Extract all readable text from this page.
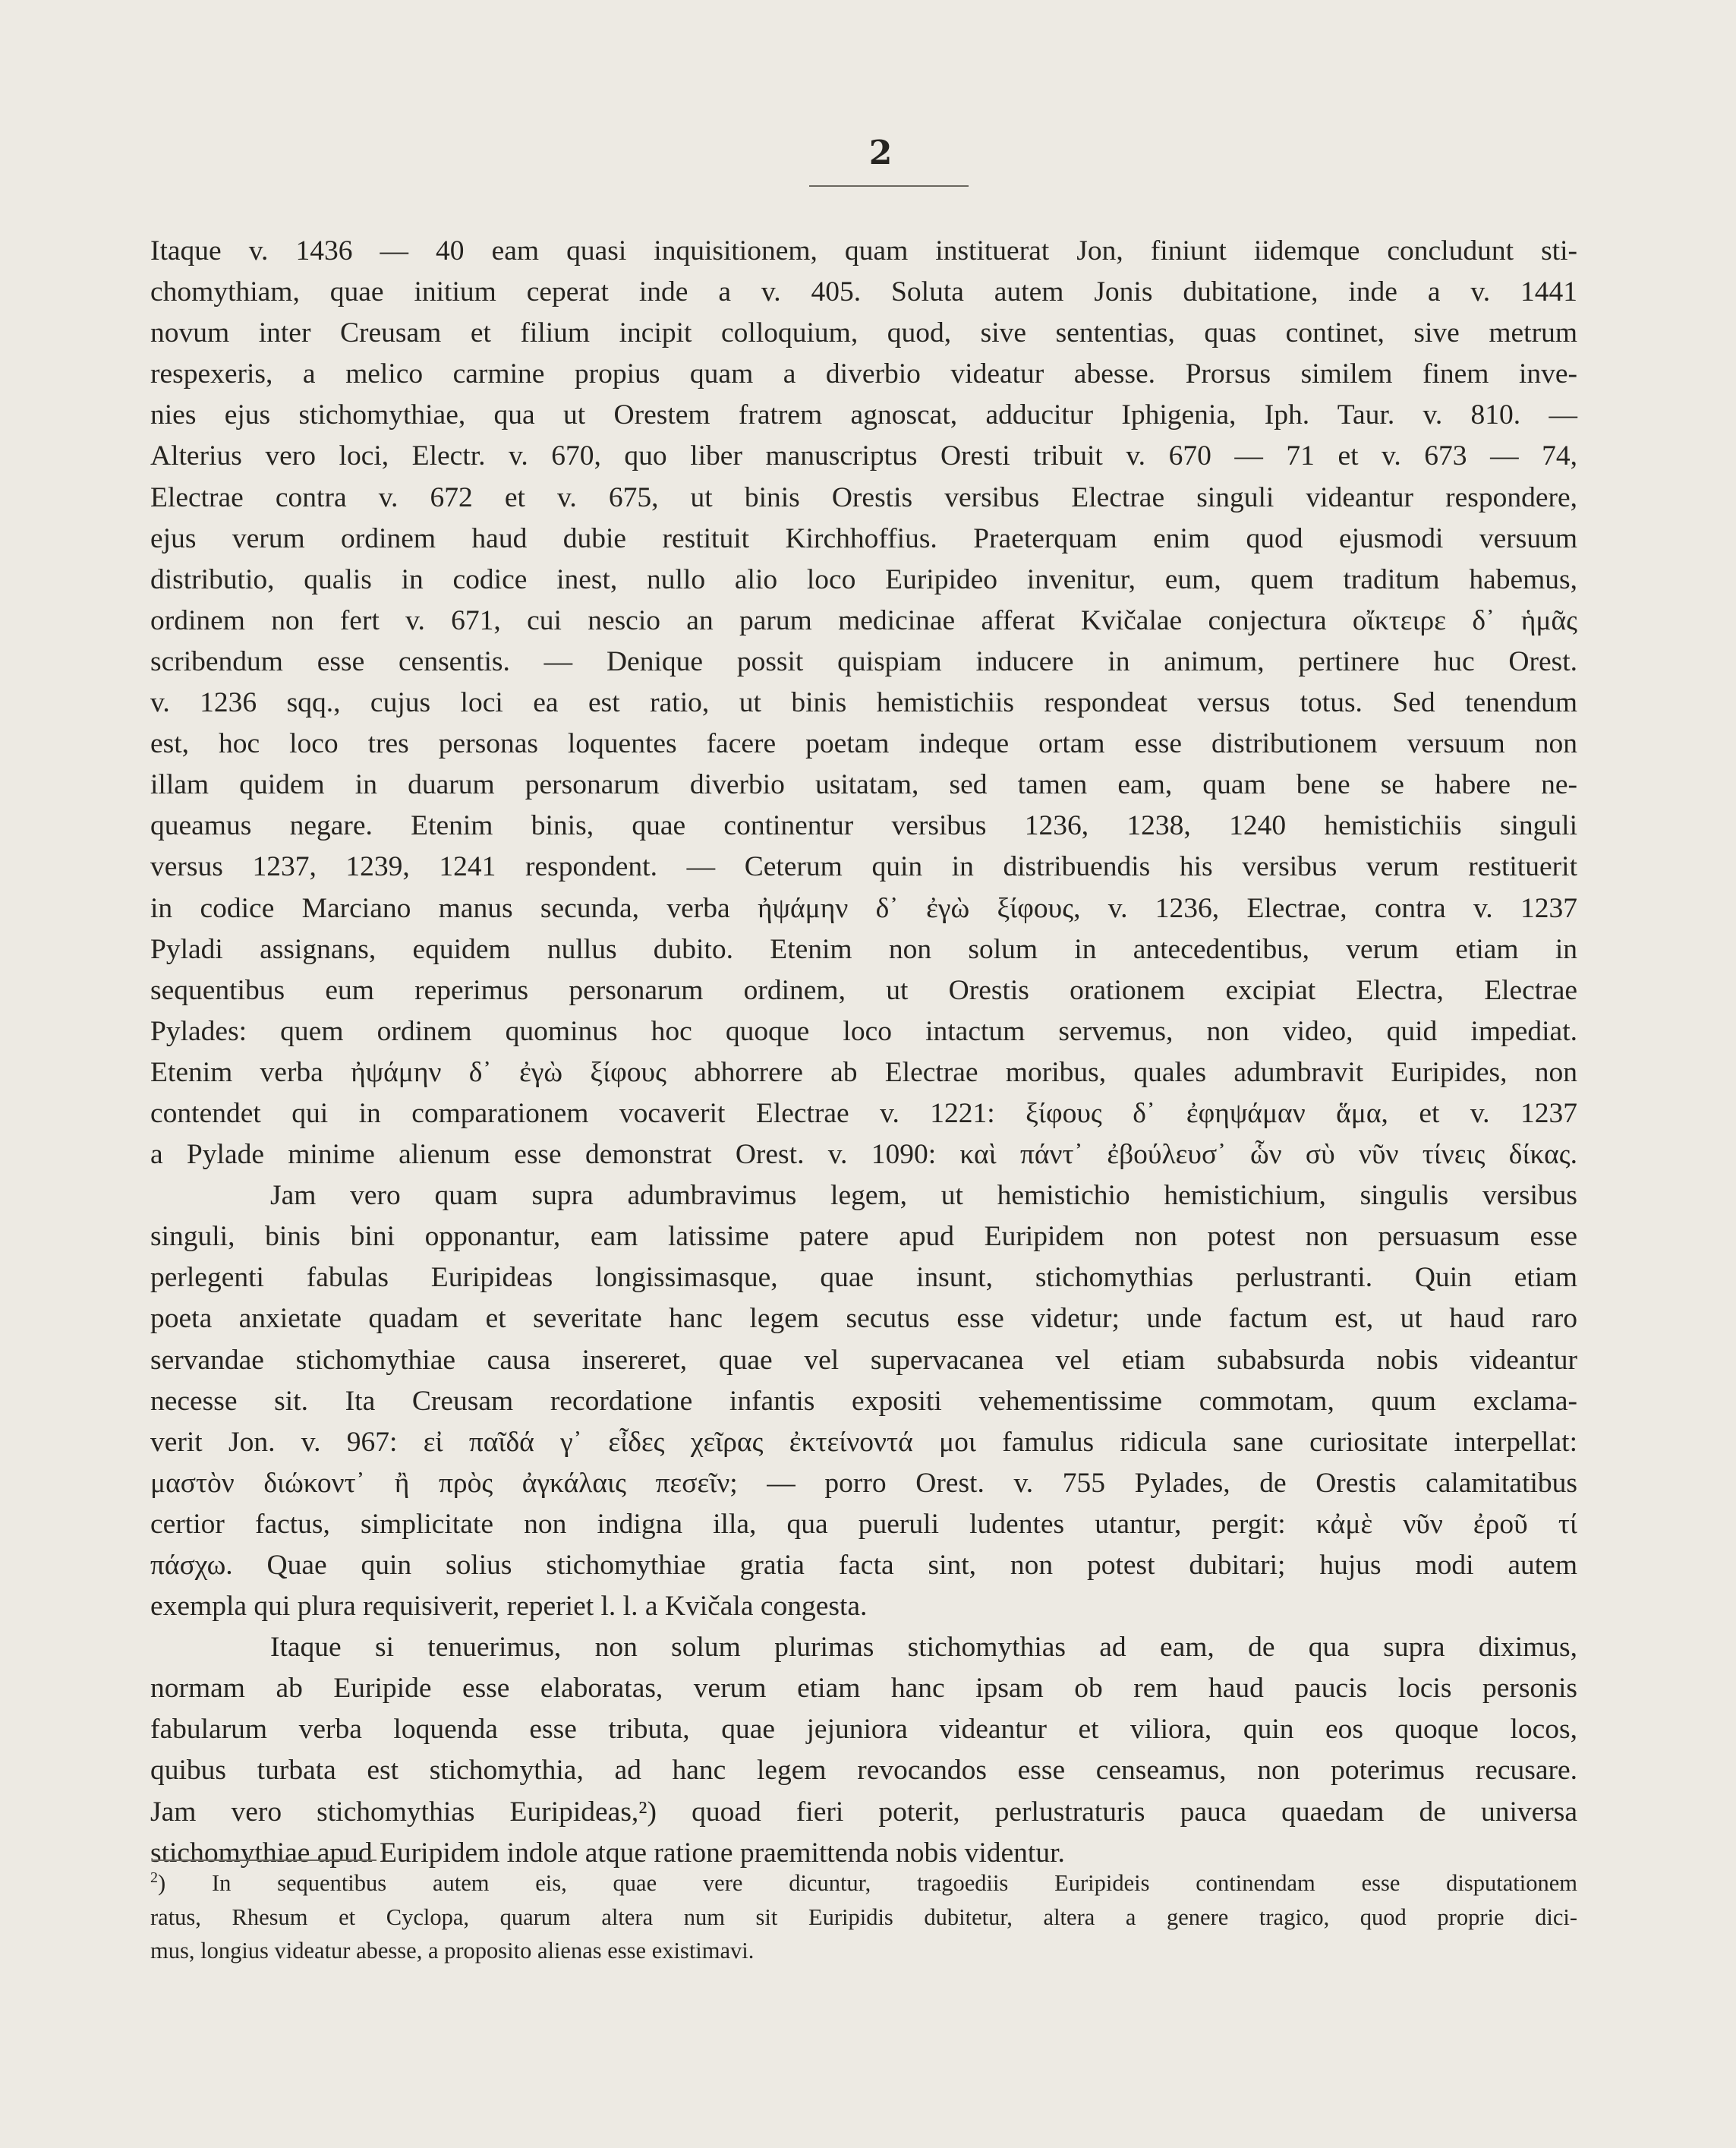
2

Itaque v. 1436 — 40 eam quasi inquisitionem, quam instituerat Jon, finiunt iidemque concludunt sti-
chomythiam, quae initium ceperat inde a v. 405. Soluta autem Jonis dubitatione, inde a v. 1441
novum inter Creusam et filium incipit colloquium, quod, sive sententias, quas continet, sive metrum
respexeris, a melico carmine propius quam a diverbio videatur abesse. Prorsus similem finem inve-
nies ejus stichomythiae, qua ut Orestem fratrem agnoscat, adducitur Iphigenia, Iph. Taur. v. 810. —
Alterius vero loci, Electr. v. 670, quo liber manuscriptus Oresti tribuit v. 670 — 71 et v. 673 — 74,
Electrae contra v. 672 et v. 675, ut binis Orestis versibus Electrae singuli videantur respondere,
ejus verum ordinem haud dubie restituit Kirchhoffius. Praeterquam enim quod ejusmodi versuum
distributio, qualis in codice inest, nullo alio loco Euripideo invenitur, eum, quem traditum habemus,
ordinem non fert v. 671, cui nescio an parum medicinae afferat Kvičalae conjectura οἴκτειρε δ᾽ ἡμᾶς
scribendum esse censentis. — Denique possit quispiam inducere in animum, pertinere huc Orest.
v. 1236 sqq., cujus loci ea est ratio, ut binis hemistichiis respondeat versus totus. Sed tenendum
est, hoc loco tres personas loquentes facere poetam indeque ortam esse distributionem versuum non
illam quidem in duarum personarum diverbio usitatam, sed tamen eam, quam bene se habere ne-
queamus negare. Etenim binis, quae continentur versibus 1236, 1238, 1240 hemistichiis singuli
versus 1237, 1239, 1241 respondent. — Ceterum quin in distribuendis his versibus verum restituerit
in codice Marciano manus secunda, verba ἠψάμην δ᾽ ἐγὼ ξίφους, v. 1236, Electrae, contra v. 1237
Pyladi assignans, equidem nullus dubito. Etenim non solum in antecedentibus, verum etiam in
sequentibus eum reperimus personarum ordinem, ut Orestis orationem excipiat Electra, Electrae
Pylades: quem ordinem quominus hoc quoque loco intactum servemus, non video, quid impediat.
Etenim verba ἠψάμην δ᾽ ἐγὼ ξίφους abhorrere ab Electrae moribus, quales adumbravit Euripides, non
contendet qui in comparationem vocaverit Electrae v. 1221: ξίφους δ᾽ ἐφηψάμαν ἅμα, et v. 1237
a Pylade minime alienum esse demonstrat Orest. v. 1090: καὶ πάντ᾽ ἐβούλευσ᾽ ὧν σὺ νῦν τίνεις δίκας.

Jam vero quam supra adumbravimus legem, ut hemistichio hemistichium, singulis versibus
singuli, binis bini opponantur, eam latissime patere apud Euripidem non potest non persuasum esse
perlegenti fabulas Euripideas longissimasque, quae insunt, stichomythias perlustranti. Quin etiam
poeta anxietate quadam et severitate hanc legem secutus esse videtur; unde factum est, ut haud raro
servandae stichomythiae causa insereret, quae vel supervacanea vel etiam subabsurda nobis videantur
necesse sit. Ita Creusam recordatione infantis expositi vehementissime commotam, quum exclama-
verit Jon. v. 967: εἰ παῖδά γ᾽ εἶδες χεῖρας ἐκτείνοντά μοι famulus ridicula sane curiositate interpellat:
μαστὸν διώκοντ᾽ ἢ πρὸς ἀγκάλαις πεσεῖν; — porro Orest. v. 755 Pylades, de Orestis calamitatibus
certior factus, simplicitate non indigna illa, qua pueruli ludentes utantur, pergit: κἀμὲ νῦν ἐροῦ τί
πάσχω. Quae quin solius stichomythiae gratia facta sint, non potest dubitari; hujus modi autem
exempla qui plura requisiverit, reperiet l. l. a Kvičala congesta.

Itaque si tenuerimus, non solum plurimas stichomythias ad eam, de qua supra diximus,
normam ab Euripide esse elaboratas, verum etiam hanc ipsam ob rem haud paucis locis personis
fabularum verba loquenda esse tributa, quae jejuniora videantur et viliora, quin eos quoque locos,
quibus turbata est stichomythia, ad hanc legem revocandos esse censeamus, non poterimus recusare.
Jam vero stichomythias Euripideas,²) quoad fieri poterit, perlustraturis pauca quaedam de universa
stichomythiae apud Euripidem indole atque ratione praemittenda nobis videntur.

$^2$) In sequentibus autem eis, quae vere dicuntur, tragoediis Euripideis continendam esse disputationem
ratus, Rhesum et Cyclopa, quarum altera num sit Euripidis dubitetur, altera a genere tragico, quod proprie dici-
mus, longius videatur abesse, a proposito alienas esse existimavi.
